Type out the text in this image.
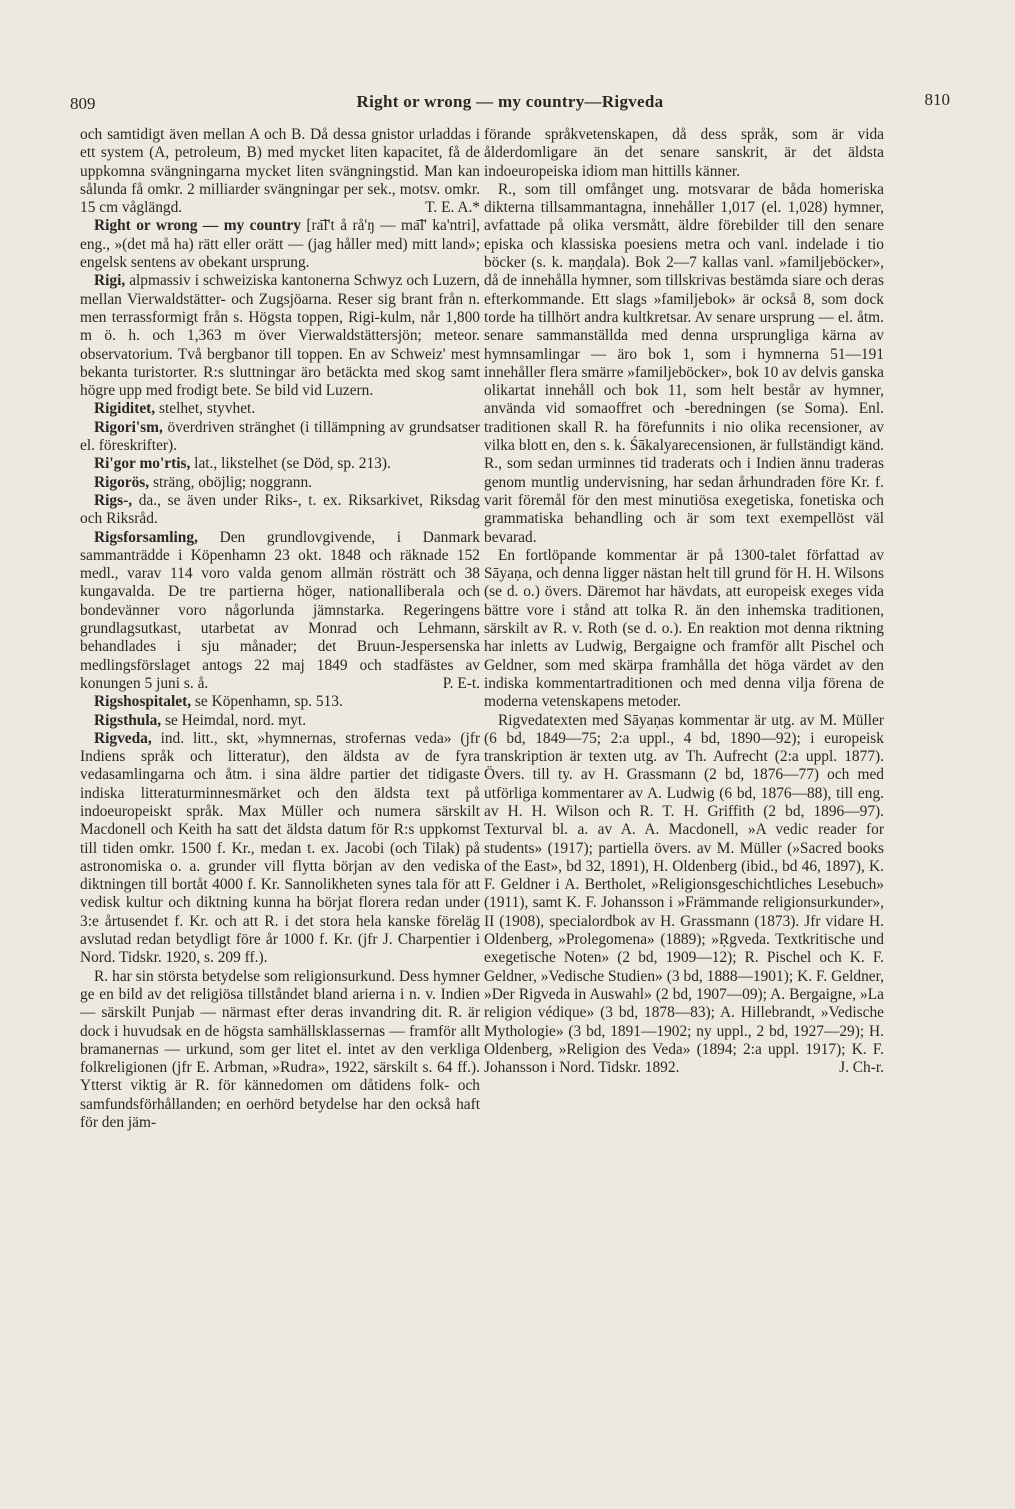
809	Right or wrong — my country—Rigveda	810

och samtidigt även mellan A och B. Då dessa gnistor urladdas i ett system (A, petroleum, B) med mycket liten kapacitet, få de uppkomna svängningarna mycket liten svängningstid. Man kan sålunda få omkr. 2 milliarder svängningar per sek., motsv. omkr. 15 cm våglängd.	T. E. A.*

Right or wrong — my country [ra͞l't å rå'ŋ — ma͞l' ka'ntri], eng., »(det må ha) rätt eller orätt — (jag håller med) mitt land»; engelsk sentens av obekant ursprung.

Rigi, alpmassiv i schweiziska kantonerna Schwyz och Luzern, mellan Vierwaldstätter- och Zugsjöarna. Reser sig brant från n. men terrassformigt från s. Högsta toppen, Rigi-kulm, når 1,800 m ö. h. och 1,363 m över Vierwaldstättersjön; meteor. observatorium. Två bergbanor till toppen. En av Schweiz' mest bekanta turistorter. R:s sluttningar äro betäckta med skog samt högre upp med frodigt bete. Se bild vid Luzern.

Rigiditet, stelhet, styvhet.

Rigori'sm, överdriven stränghet (i tillämpning av grundsatser el. föreskrifter).

Ri'gor mo'rtis, lat., likstelhet (se Död, sp. 213).

Rigorös, sträng, oböjlig; noggrann.

Rigs-, da., se även under Riks-, t. ex. Riksarkivet, Riksdag och Riksråd.

Rigsforsamling, Den grundlovgivende, i Danmark sammanträdde i Köpenhamn 23 okt. 1848 och räknade 152 medl., varav 114 voro valda genom allmän rösträtt och 38 kungavalda. De tre partierna höger, nationalliberala och bondevänner voro någorlunda jämnstarka. Regeringens grundlagsutkast, utarbetat av Monrad och Lehmann, behandlades i sju månader; det Bruun-Jespersenska medlingsförslaget antogs 22 maj 1849 och stadfästes av konungen 5 juni s. å.	P. E-t.

Rigshospitalet, se Köpenhamn, sp. 513.

Rigsthula, se Heimdal, nord. myt.

Rigveda, ind. litt., skt, »hymnernas, strofernas veda» (jfr Indiens språk och litteratur), den äldsta av de fyra vedasamlingarna och åtm. i sina äldre partier det tidigaste indiska litteraturminnesmärket och den äldsta text på indoeuropeiskt språk. Max Müller och numera särskilt Macdonell och Keith ha satt det äldsta datum för R:s uppkomst till tiden omkr. 1500 f. Kr., medan t. ex. Jacobi (och Tilak) på astronomiska o. a. grunder vill flytta början av den vediska diktningen till bortåt 4000 f. Kr. Sannolikheten synes tala för att vedisk kultur och diktning kunna ha börjat florera redan under 3:e årtusendet f. Kr. och att R. i det stora hela kanske föreläg avslutad redan betydligt före år 1000 f. Kr. (jfr J. Charpentier i Nord. Tidskr. 1920, s. 209 ff.).

R. har sin största betydelse som religionsurkund. Dess hymner ge en bild av det religiösa tillståndet bland arierna i n. v. Indien — särskilt Punjab — närmast efter deras invandring dit. R. är dock i huvudsak en de högsta samhällsklassernas — framför allt bramanernas — urkund, som ger litet el. intet av den verkliga folkreligionen (jfr E. Arbman, »Rudra», 1922, särskilt s. 64 ff.). Ytterst viktig är R. för kännedomen om dåtidens folk- och samfundsförhållanden; en oerhörd betydelse har den också haft för den jäm-

förande språkvetenskapen, då dess språk, som är vida ålderdomligare än det senare sanskrit, är det äldsta indoeuropeiska idiom man hittills känner.

R., som till omfånget ung. motsvarar de båda homeriska dikterna tillsammantagna, innehåller 1,017 (el. 1,028) hymner, avfattade på olika versmått, äldre förebilder till den senare episka och klassiska poesiens metra och vanl. indelade i tio böcker (s. k. maṇḍala). Bok 2—7 kallas vanl. »familjeböcker», då de innehålla hymner, som tillskrivas bestämda siare och deras efterkommande. Ett slags »familjebok» är också 8, som dock torde ha tillhört andra kultkretsar. Av senare ursprung — el. åtm. senare sammanställda med denna ursprungliga kärna av hymnsamlingar — äro bok 1, som i hymnerna 51—191 innehåller flera smärre »familjeböcker», bok 10 av delvis ganska olikartat innehåll och bok 11, som helt består av hymner, använda vid somaoffret och -beredningen (se Soma). Enl. traditionen skall R. ha förefunnits i nio olika recensioner, av vilka blott en, den s. k. Śākalyarecensionen, är fullständigt känd. R., som sedan urminnes tid traderats och i Indien ännu traderas genom muntlig undervisning, har sedan århundraden före Kr. f. varit föremål för den mest minutiösa exegetiska, fonetiska och grammatiska behandling och är som text exempellöst väl bevarad.

En fortlöpande kommentar är på 1300-talet författad av Sāyaṇa, och denna ligger nästan helt till grund för H. H. Wilsons (se d. o.) övers. Däremot har hävdats, att europeisk exeges vida bättre vore i stånd att tolka R. än den inhemska traditionen, särskilt av R. v. Roth (se d. o.). En reaktion mot denna riktning har inletts av Ludwig, Bergaigne och framför allt Pischel och Geldner, som med skärpa framhålla det höga värdet av den indiska kommentartraditionen och med denna vilja förena de moderna vetenskapens metoder.

Rigvedatexten med Sāyaṇas kommentar är utg. av M. Müller (6 bd, 1849—75; 2:a uppl., 4 bd, 1890—92); i europeisk transkription är texten utg. av Th. Aufrecht (2:a uppl. 1877). Övers. till ty. av H. Grassmann (2 bd, 1876—77) och med utförliga kommentarer av A. Ludwig (6 bd, 1876—88), till eng. av H. H. Wilson och R. T. H. Griffith (2 bd, 1896—97). Texturval bl. a. av A. A. Macdonell, »A vedic reader for students» (1917); partiella övers. av M. Müller (»Sacred books of the East», bd 32, 1891), H. Oldenberg (ibid., bd 46, 1897), K. F. Geldner i A. Bertholet, »Religionsgeschichtliches Lesebuch» (1911), samt K. F. Johansson i »Främmande religionsurkunder», II (1908), specialordbok av H. Grassmann (1873). Jfr vidare H. Oldenberg, »Prolegomena» (1889); »Ṛgveda. Textkritische und exegetische Noten» (2 bd, 1909—12); R. Pischel och K. F. Geldner, »Vedische Studien» (3 bd, 1888—1901); K. F. Geldner, »Der Rigveda in Auswahl» (2 bd, 1907—09); A. Bergaigne, »La religion védique» (3 bd, 1878—83); A. Hillebrandt, »Vedische Mythologie» (3 bd, 1891—1902; ny uppl., 2 bd, 1927—29); H. Oldenberg, »Religion des Veda» (1894; 2:a uppl. 1917); K. F. Johansson i Nord. Tidskr. 1892.	J. Ch-r.
